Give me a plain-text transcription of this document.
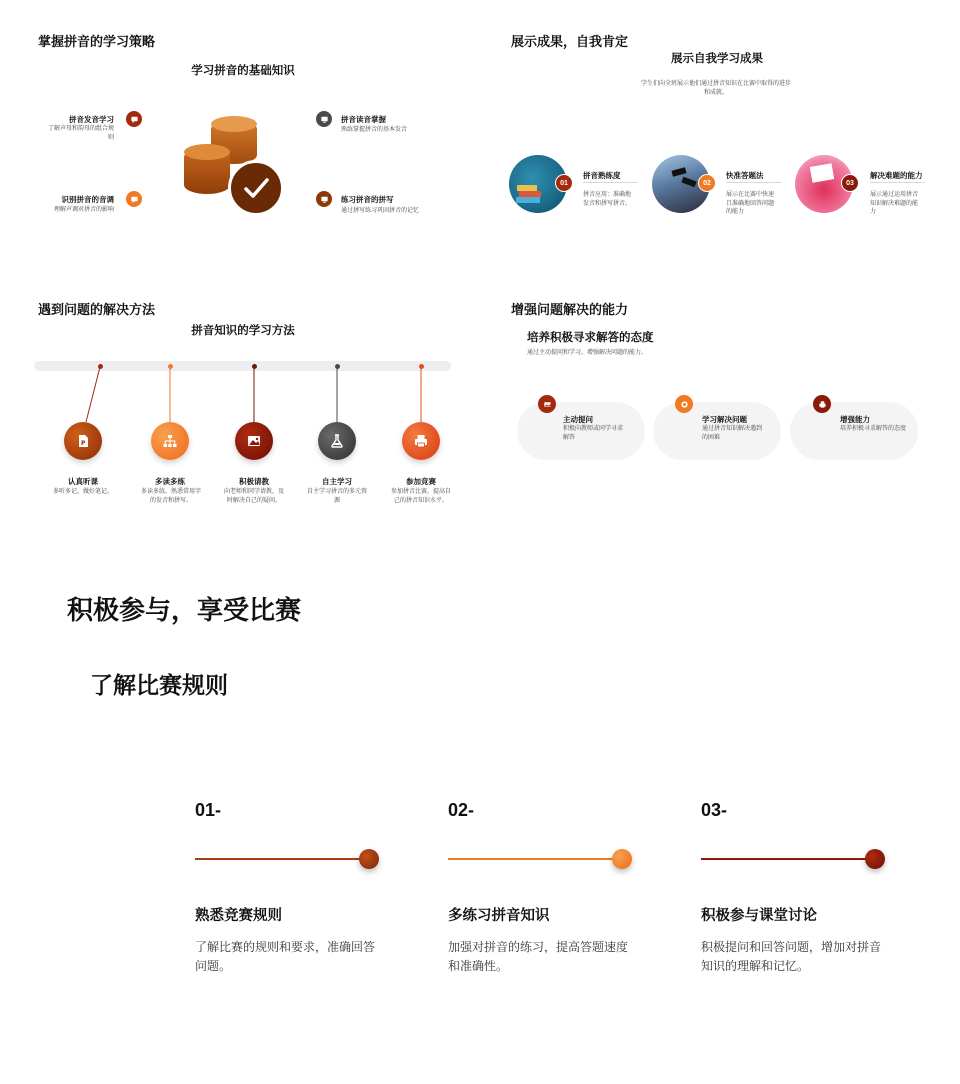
掌握拼音的学习策略
学习拼音的基础知识
拼音发音学习
了解声母和韵母的组合规则
识别拼音的音调
理解声调对拼音的影响
拼音读音掌握
熟练掌握拼音的基本发音
练习拼音的拼写
通过拼写练习巩固拼音的记忆
展示成果，自我肯定
展示自我学习成果
学生们向全班展示他们通过拼音知识在比赛中取得的进步和成就。
01
拼音熟练度
拼音应用：准确地发音和拼写拼音。
02
快准答题法
展示在比赛中快速且准确地回答问题的能力
03
解决难题的能力
展示通过运用拼音知识解决难题的能力
遇到问题的解决方法
拼音知识的学习方法
P
认真听课
多听多记，做好笔记。
多读多练
多读多练，熟悉常用字的发音和拼写。
积极请教
向老师和同学请教，及时解决自己的疑问。
自主学习
自主学习拼音的多元资源
参加竞赛
参加拼音比赛，提高自己的拼音知识水平。
增强问题解决的能力
培养积极寻求解答的态度
通过主动提问和学习，增强解决问题的能力。
主动提问
积极向教师或同学寻求解答
学习解决问题
通过拼音知识解决遇到的困难
增强能力
培养积极寻求解答的态度
积极参与，享受比赛
了解比赛规则
01-
熟悉竞赛规则
了解比赛的规则和要求，准确回答问题。
02-
多练习拼音知识
加强对拼音的练习，提高答题速度和准确性。
03-
积极参与课堂讨论
积极提问和回答问题，增加对拼音知识的理解和记忆。
